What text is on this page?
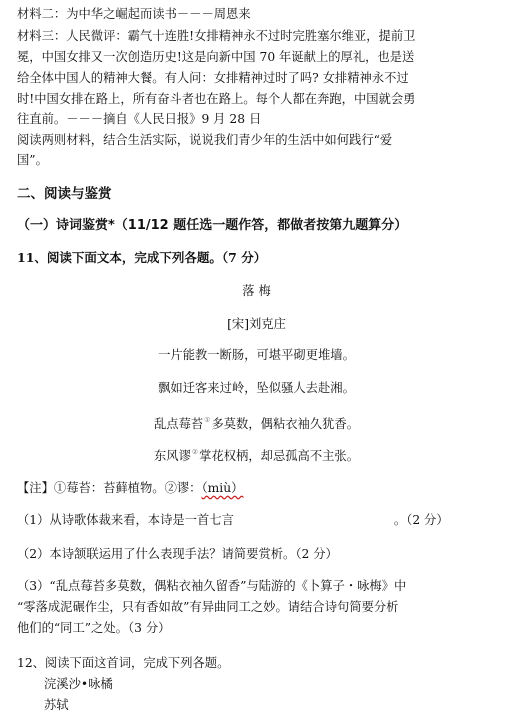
材料二：为中华之崛起而读书－－－周恩来
材料三：人民微评：霸气十连胜!女排精神永不过时完胜塞尔维亚，提前卫
冕，中国女排又一次创造历史!这是向新中国 70 年诞献上的厚礼，也是送
给全体中国人的精神大餐。有人问：女排精神过时了吗? 女排精神永不过
时!中国女排在路上，所有奋斗者也在路上。每个人都在奔跑，中国就会勇
往直前。－－－摘自《人民日报》9 月 28 日
阅读两则材料，结合生活实际，说说我们青少年的生活中如何践行“爱
国”。
二、阅读与鉴赏
（一）诗词鉴赏*（11/12 题任选一题作答，都做者按第九题算分）
11、阅读下面文本，完成下列各题。（7 分）
落 梅
[宋]刘克庄
一片能教一断肠，可堪平砌更堆墙。
飘如迁客来过岭，坠似骚人去赴湘。
乱点莓苔①多莫数，偶粘衣袖久犹香。
东风谬②掌花权柄，却忌孤高不主张。
【注】①莓苔：苔藓植物。②谬：（miù）
（1）从诗歌体裁来看，本诗是一首七言	。（2 分）
（2）本诗颔联运用了什么表现手法？请简要赏析。（2 分）
（3）“乱点莓苔多莫数，偶粘衣袖久留香”与陆游的《卜算子・咏梅》中
“零落成泥碾作尘，只有香如故”有异曲同工之妙。请结合诗句简要分析
他们的“同工”之处。（3 分）
12、阅读下面这首词，完成下列各题。
浣溪沙•咏橘
苏轼
